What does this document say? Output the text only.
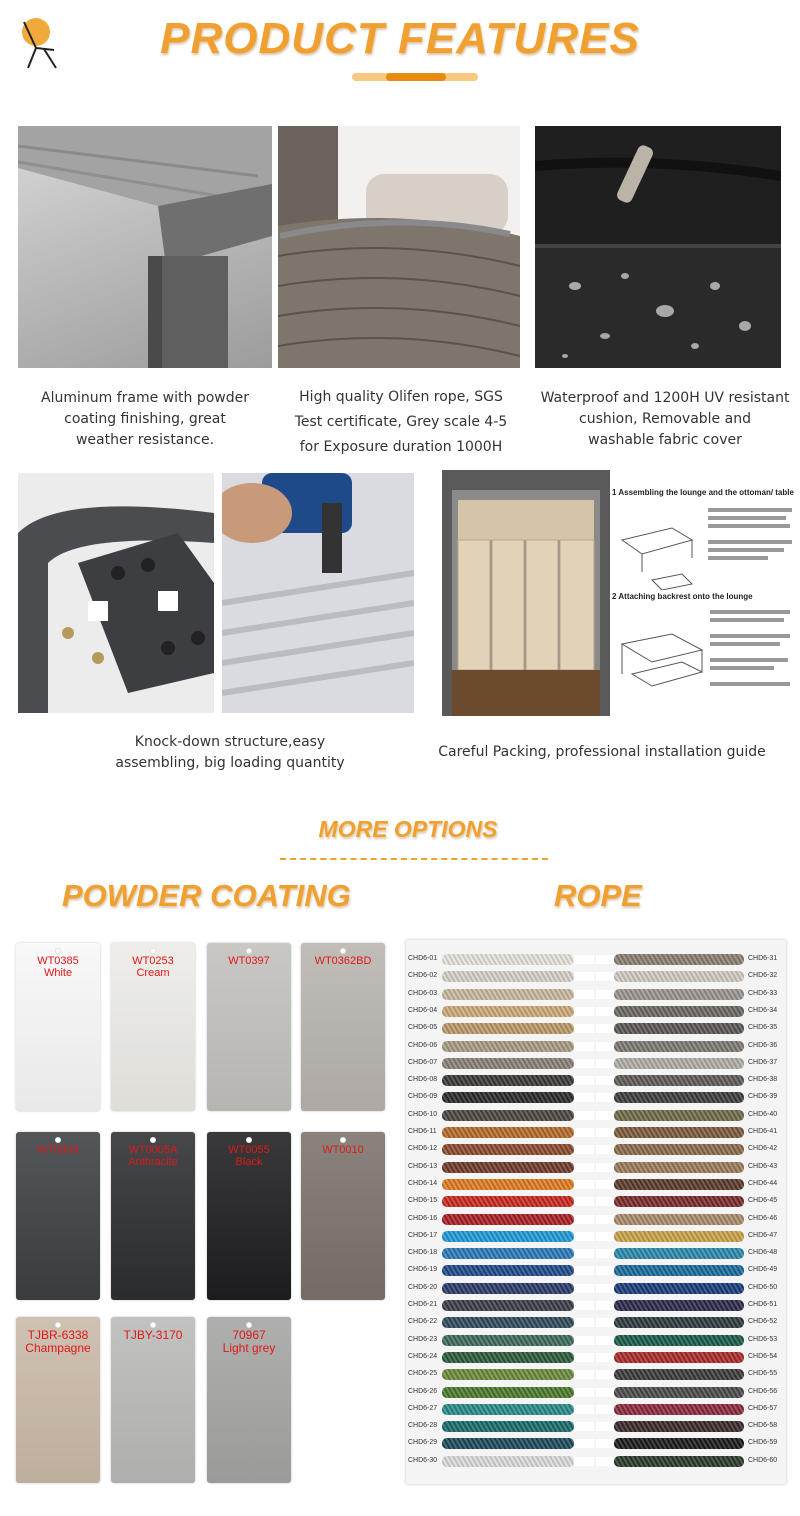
PRODUCT FEATURES
Aluminum frame with powder
coating finishing, great
weather resistance.
High quality Olifen rope, SGS
Test certificate, Grey scale 4-5
for Exposure duration 1000H
Waterproof and 1200H UV resistant
cushion, Removable and
washable fabric cover
1 Assembling the lounge and the ottoman/ table
2 Attaching backrest onto the lounge
Knock-down structure,easy
assembling, big loading quantity
Careful Packing, professional installation guide
MORE OPTIONS
POWDER COATING	ROPE
WT0385
White
WT0253
Cream
WT0397	WT0362BD
WT0009	WT0005A
Anthracite
WT0055
Black
WT0010
TJBR-6338
Champagne
TJBY-3170	70967
Light grey
CHD6-01	CHD6-31
CHD6-02	CHD6-32
CHD6-03	CHD6-33
CHD6-04	CHD6-34
CHD6-05	CHD6-35
CHD6-06	CHD6-36
CHD6-07	CHD6-37
CHD6-08	CHD6-38
CHD6-09	CHD6-39
CHD6-10	CHD6-40
CHD6-11	CHD6-41
CHD6-12	CHD6-42
CHD6-13	CHD6-43
CHD6-14	CHD6-44
CHD6-15	CHD6-45
CHD6-16	CHD6-46
CHD6-17	CHD6-47
CHD6-18	CHD6-48
CHD6-19	CHD6-49
CHD6-20	CHD6-50
CHD6-21	CHD6-51
CHD6-22	CHD6-52
CHD6-23	CHD6-53
CHD6-24	CHD6-54
CHD6-25	CHD6-55
CHD6-26	CHD6-56
CHD6-27	CHD6-57
CHD6-28	CHD6-58
CHD6-29	CHD6-59
CHD6-30	CHD6-60
